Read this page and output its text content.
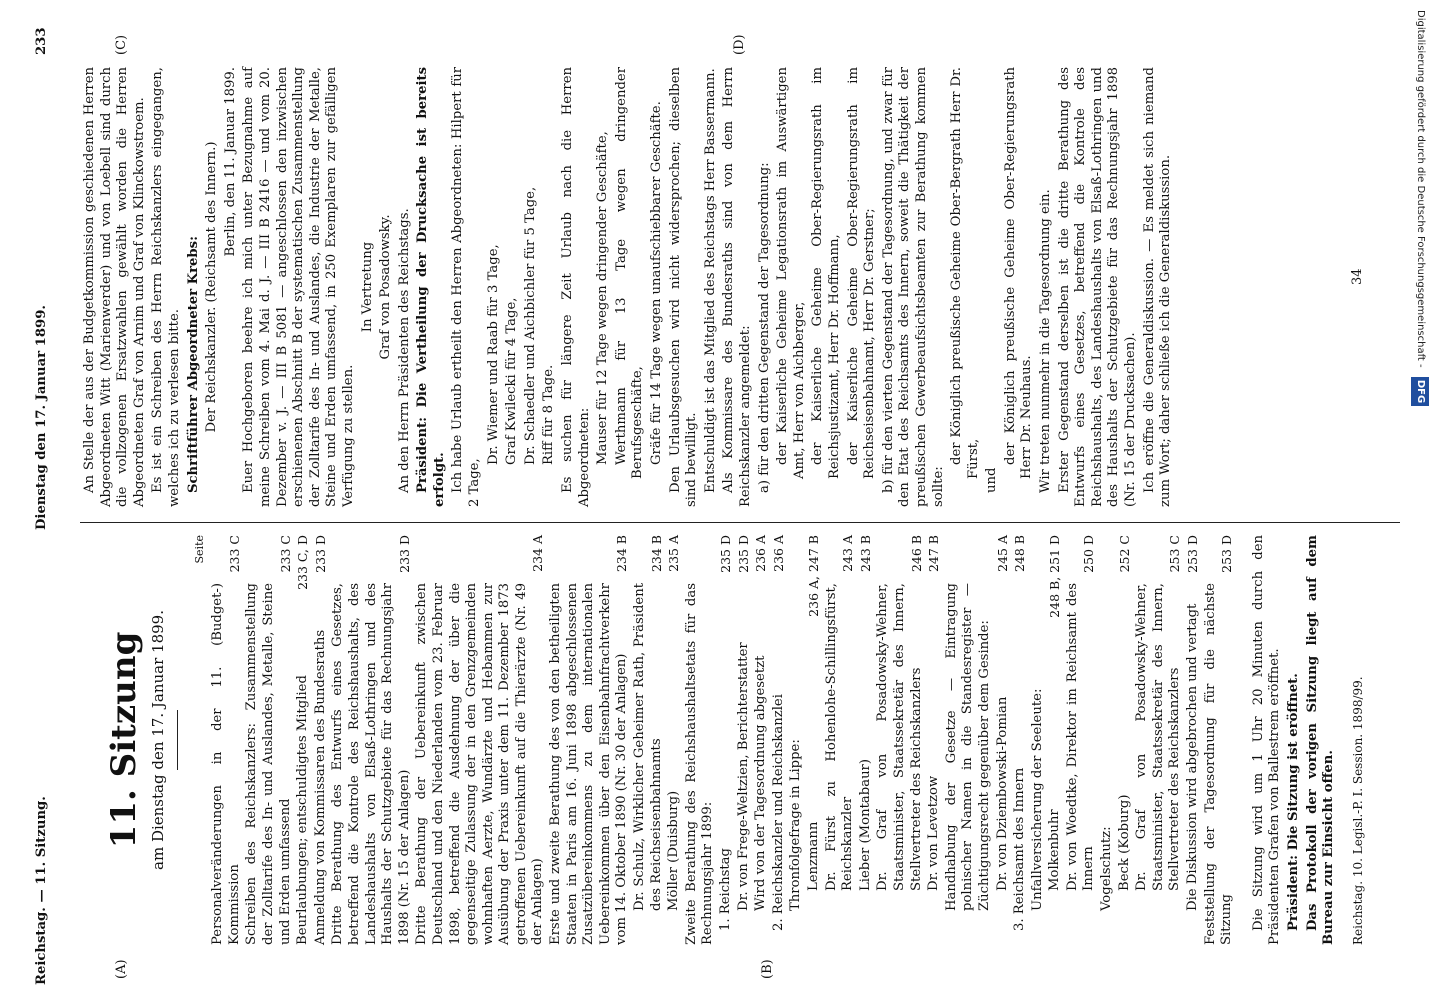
Reichstag. — 11. Sitzung.
Dienstag den 17. Januar 1899.
233
(A)	(B)
(C)	(D)
11. Sitzung am Dienstag den 17. Januar 1899.
Seite
Personalveränderungen in der 11. (Budget-) Kommission
233 C
Schreiben des Reichskanzlers: Zusammenstellung der Zolltarife des In- und Auslandes, Metalle, Steine und Erden umfassend
233 C
Beurlaubungen; entschuldigtes Mitglied
233 C, D
Anmeldung von Kommissaren des Bundesraths
233 D
Dritte Berathung des Entwurfs eines Gesetzes, betreffend die Kontrole des Reichshaushalts, des Landeshaushalts von Elsaß-Lothringen und des Haushalts der Schutzgebiete für das Rechnungsjahr 1898 (Nr. 15 der Anlagen)
233 D
Dritte Berathung der Uebereinkunft zwischen Deutschland und den Niederlanden vom 23. Februar 1898, betreffend die Ausdehnung der über die gegenseitige Zulassung der in den Grenzgemeinden wohnhaften Aerzte, Wundärzte und Hebammen zur Ausübung der Praxis unter dem 11. Dezember 1873 getroffenen Uebereinkunft auf die Thierärzte (Nr. 49 der Anlagen)
234 A
Erste und zweite Berathung des von den betheiligten Staaten in Paris am 16. Juni 1898 abgeschlossenen Zusatzübereinkommens zu dem internationalen Uebereinkommen über den Eisenbahnfrachtverkehr vom 14. Oktober 1890 (Nr. 30 der Anlagen)
234 B
Dr. Schulz, Wirklicher Geheimer Rath, Präsident des Reichseisenbahnamts
234 B
Möller (Duisburg)
235 A
Zweite Berathung des Reichshaushaltsetats für das Rechnungsjahr 1899: 1. Reichstag
235 D
Dr. von Frege-Weltzien, Berichterstatter
235 D
Wird von der Tagesordnung abgesetzt
236 A
2. Reichskanzler und Reichskanzlei
236 A
Thronfolgefrage in Lippe: Lenzmann
236 A, 247 B
Dr. Fürst zu Hohenlohe-Schillingsfürst, Reichskanzler
243 A
Lieber (Montabaur)
243 B
Dr. Graf von Posadowsky-Wehner, Staatsminister, Staatssekretär des Innern, Stellvertreter des Reichskanzlers
246 B
Dr. von Levetzow
247 B
Handhabung der Gesetze — Eintragung polnischer Namen in die Standesregister — Züchtigungsrecht gegenüber dem Gesinde: Dr. von Dziembowski-Pomian
245 A
3. Reichsamt des Innern
248 B
Unfallversicherung der Seeleute: Molkenbuhr
248 B, 251 D
Dr. von Woedtke, Direktor im Reichsamt des Innern
250 D
Vogelschutz: Beck (Koburg)
252 C
Dr. Graf von Posadowsky-Wehner, Staatsminister, Staatssekretär des Innern, Stellvertreter des Reichskanzlers
253 C
Die Diskussion wird abgebrochen und vertagt
253 D
Feststellung der Tagesordnung für die nächste Sitzung
253 D Die Sitzung wird um 1 Uhr 20 Minuten durch den Präsidenten Grafen von Ballestrem eröffnet. Präsident: Die Sitzung ist eröffnet. Das Protokoll der vorigen Sitzung liegt auf dem Bureau zur Einsicht offen.

An Stelle der aus der Budgetkommission geschiedenen Herren Abgeordneten Witt (Marienwerder) und von Loebell sind durch die vollzogenen Ersatzwahlen gewählt worden die Herren Abgeordneten Graf von Arnim und Graf von Klinckowstroem. Es ist ein Schreiben des Herrn Reichskanzlers eingegangen, welches ich zu verlesen bitte. Schriftführer Abgeordneter Krebs: Der Reichskanzler. (Reichsamt des Innern.) Berlin, den 11. Januar 1899. Euer Hochgeboren beehre ich mich unter Bezugnahme auf meine Schreiben vom 4. Mai d. J. — III B 2416 — und vom 20. Dezember v. J. — III B 5081 — angeschlossen den inzwischen erschienenen Abschnitt B der systematischen Zusammenstellung der Zolltarife des In- und Auslandes, die Industrie der Metalle, Steine und Erden umfassend, in 250 Exemplaren zur gefälligen Verfügung zu stellen.

In Vertretung Graf von Posadowsky. An den Herrn Präsidenten des Reichstags. Präsident: Die Vertheilung der Drucksache ist bereits erfolgt. Ich habe Urlaub ertheilt den Herren Abgeordneten: Hilpert für 2 Tage,

Dr. Wiemer und Raab für 3 Tage, Graf Kwilecki für 4 Tage, Dr. Schaedler und Aichbichler für 5 Tage, Riff für 8 Tage. Es suchen für längere Zeit Urlaub nach die Herren Abgeordneten: Mauser für 12 Tage wegen dringender Geschäfte, Werthmann für 13 Tage wegen dringender Berufsgeschäfte, Gräfe für 14 Tage wegen unaufschiebbarer Geschäfte. Den Urlaubsgesuchen wird nicht widersprochen; dieselben sind bewilligt. Entschuldigt ist das Mitglied des Reichstags Herr Bassermann. Als Kommissare des Bundesraths sind von dem Herrn Reichskanzler angemeldet: a) für den dritten Gegenstand der Tagesordnung: der Kaiserliche Geheime Legationsrath im Auswärtigen Amt, Herr von Aichberger, der Kaiserliche Geheime Ober-Regierungsrath im Reichsjustizamt, Herr Dr. Hoffmann, der Kaiserliche Geheime Ober-Regierungsrath im Reichseisenbahnamt, Herr Dr. Gerstner; b) für den vierten Gegenstand der Tagesordnung, und zwar für den Etat des Reichsamts des Innern, soweit die Thätigkeit der preußischen Gewerbeaufsichtsbeamten zur Berathung kommen sollte:

der Königlich preußische Geheime Ober-Bergrath Herr Dr. Fürst,

und

der Königlich preußische Geheime Ober-Regierungsrath Herr Dr. Neuhaus. Wir treten nunmehr in die Tagesordnung ein. Erster Gegenstand derselben ist die dritte Berathung des Entwurfs eines Gesetzes, betreffend die Kontrole des Reichshaushalts, des Landeshaushalts von Elsaß-Lothringen und des Haushalts der Schutzgebiete für das Rechnungsjahr 1898 (Nr. 15 der Drucksachen). Ich eröffne die Generaldiskussion. — Es meldet sich niemand zum Wort; daher schließe ich die Generaldiskussion.

Reichstag. 10. Legisl.-P. I. Session. 1898/99.
34	Digitalisierung gefördert durch die Deutsche Forschungsgemeinschaft - DFG
